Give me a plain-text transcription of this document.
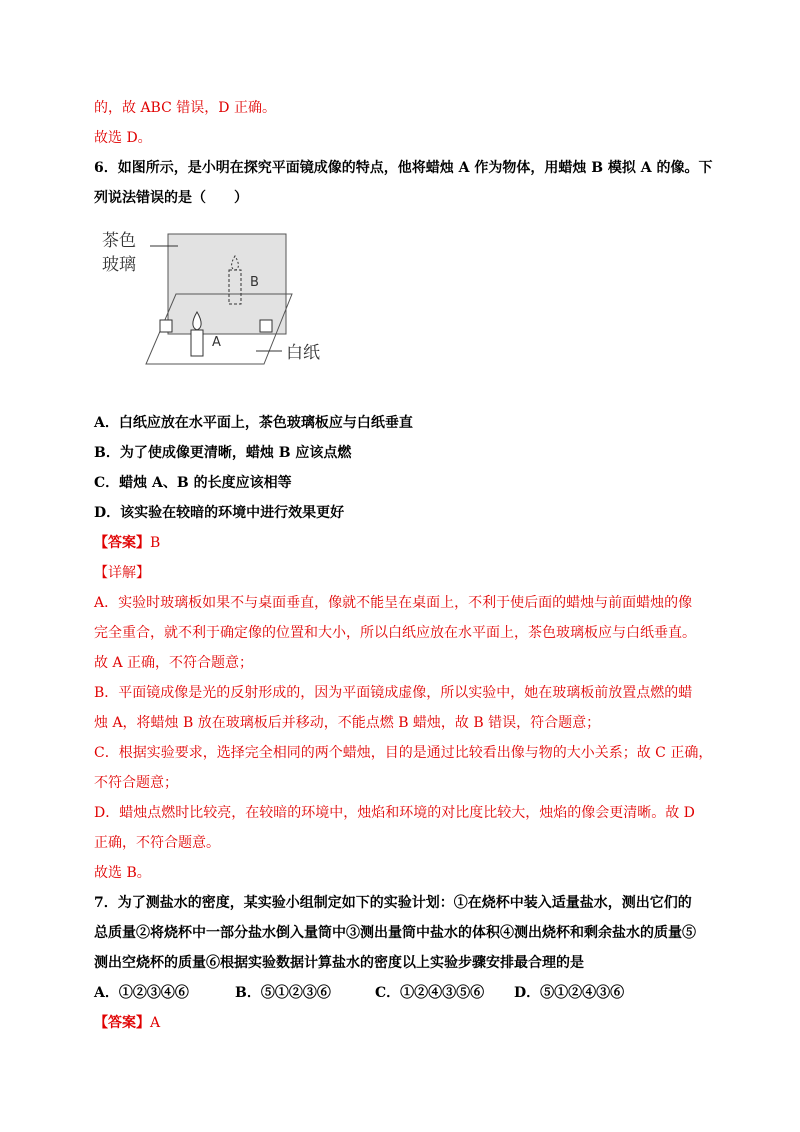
的，故 ABC 错误，D 正确。
故选 D。
6．如图所示，是小明在探究平面镜成像的特点，他将蜡烛 A 作为物体，用蜡烛 B 模拟 A 的像。下
列说法错误的是（　　）
茶色
玻璃
B
A
白纸
A．白纸应放在水平面上，茶色玻璃板应与白纸垂直
B．为了使成像更清晰，蜡烛 B 应该点燃
C．蜡烛 A、B 的长度应该相等
D．该实验在较暗的环境中进行效果更好
【答案】B
【详解】
A．实验时玻璃板如果不与桌面垂直，像就不能呈在桌面上，不利于使后面的蜡烛与前面蜡烛的像
完全重合，就不利于确定像的位置和大小，所以白纸应放在水平面上，茶色玻璃板应与白纸垂直。
故 A 正确，不符合题意；
B．平面镜成像是光的反射形成的，因为平面镜成虚像，所以实验中，她在玻璃板前放置点燃的蜡
烛 A，将蜡烛 B 放在玻璃板后并移动，不能点燃 B 蜡烛，故 B 错误，符合题意；
C．根据实验要求，选择完全相同的两个蜡烛，目的是通过比较看出像与物的大小关系；故 C 正确，
不符合题意；
D．蜡烛点燃时比较亮，在较暗的环境中，烛焰和环境的对比度比较大，烛焰的像会更清晰。故 D
正确，不符合题意。
故选 B。
7．为了测盐水的密度，某实验小组制定如下的实验计划：①在烧杯中装入适量盐水，测出它们的
总质量②将烧杯中一部分盐水倒入量筒中③测出量筒中盐水的体积④测出烧杯和剩余盐水的质量⑤
测出空烧杯的质量⑥根据实验数据计算盐水的密度以上实验步骤安排最合理的是
A．①②③④⑥	B．⑤①②③⑥	C．①②④③⑤⑥ D．⑤①②④③⑥
【答案】A
